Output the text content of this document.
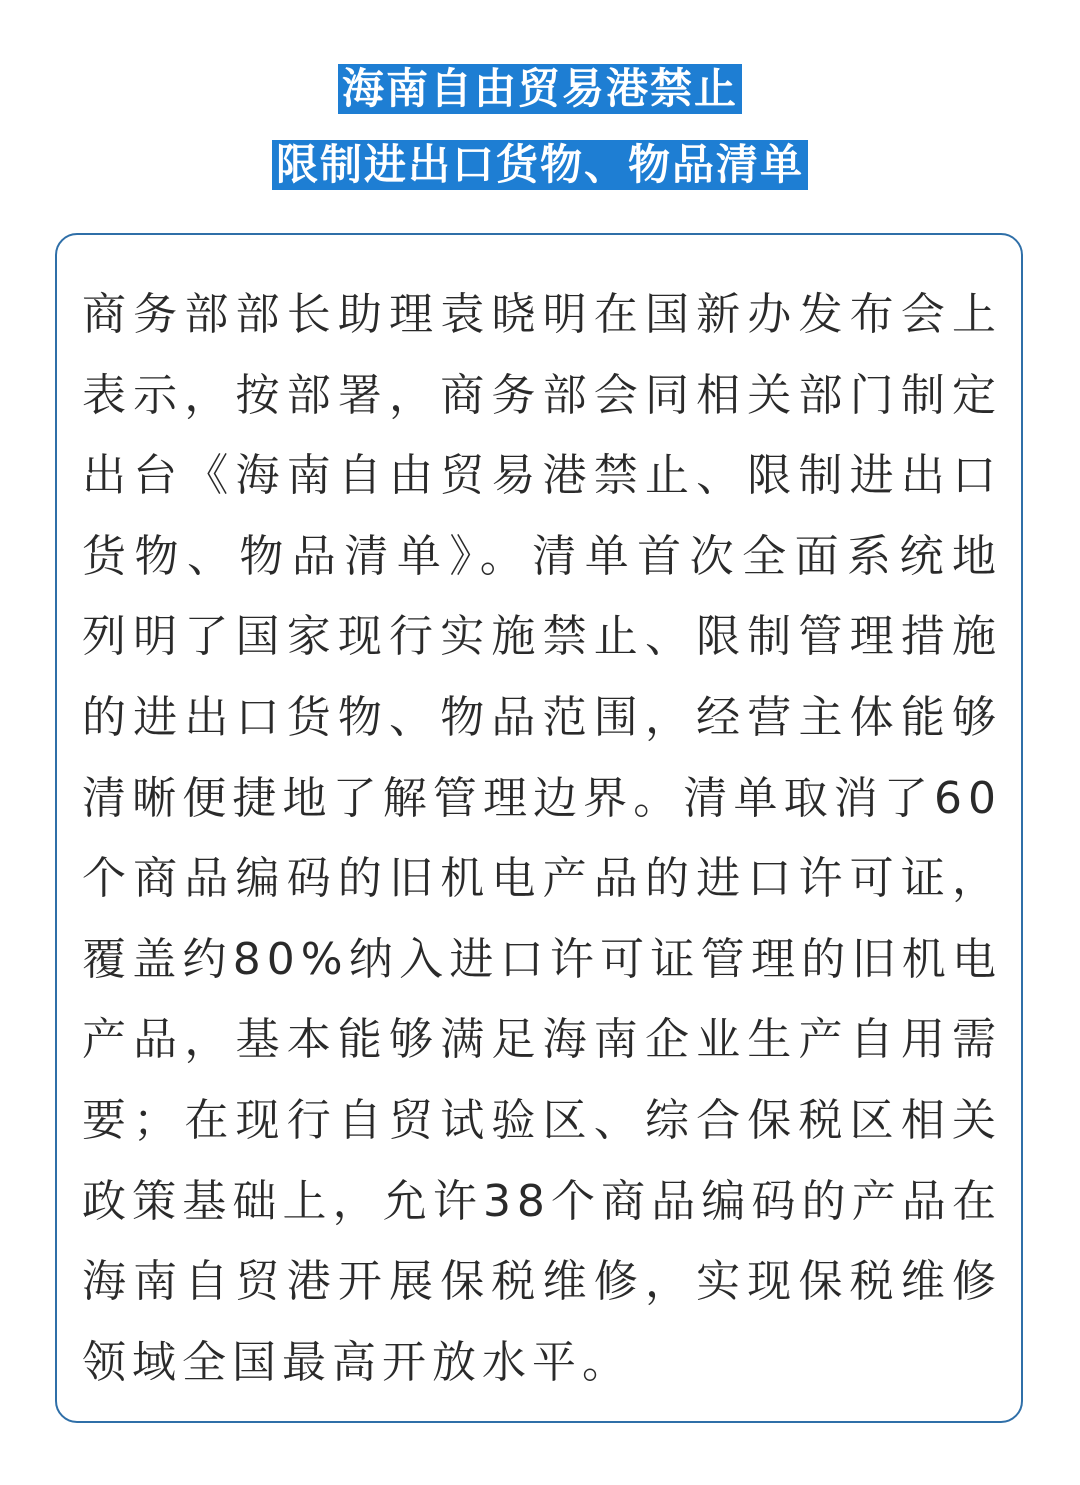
海南自由贸易港禁止
限制进出口货物、物品清单

商务部部长助理袁晓明在国新办发布会上表示，按部署，商务部会同相关部门制定出台《海南自由贸易港禁止、限制进出口货物、物品清单》。清单首次全面系统地列明了国家现行实施禁止、限制管理措施的进出口货物、物品范围，经营主体能够清晰便捷地了解管理边界。清单取消了60个商品编码的旧机电产品的进口许可证，覆盖约80%纳入进口许可证管理的旧机电产品，基本能够满足海南企业生产自用需要；在现行自贸试验区、综合保税区相关政策基础上，允许38个商品编码的产品在海南自贸港开展保税维修，实现保税维修领域全国最高开放水平。
